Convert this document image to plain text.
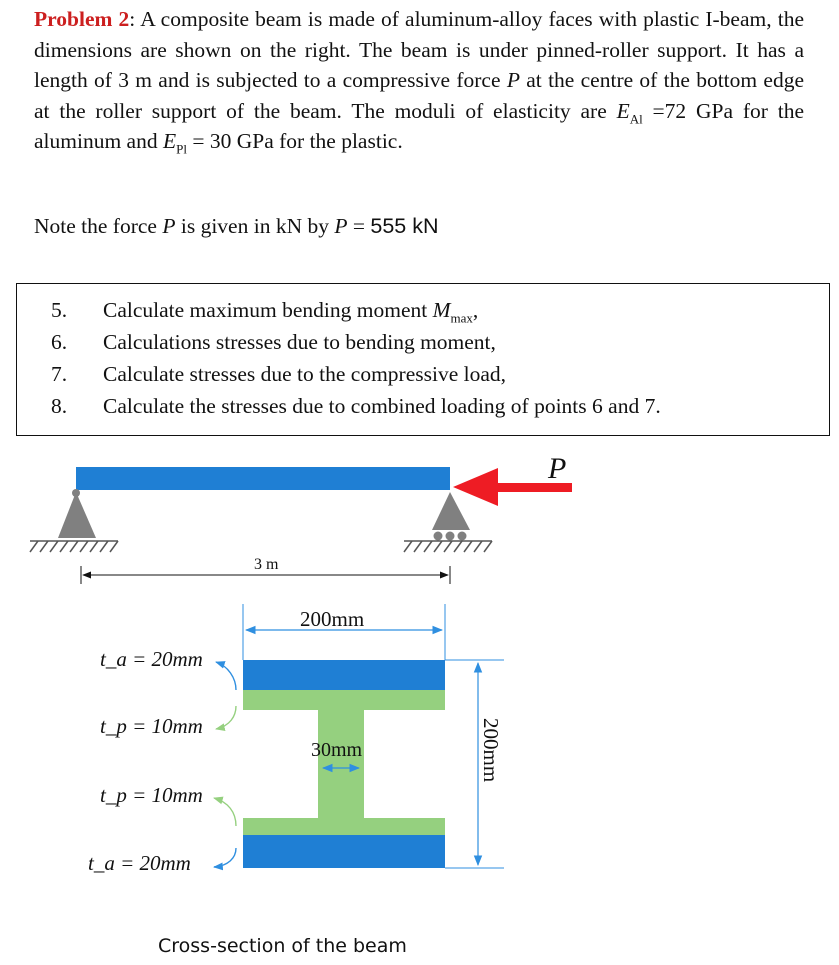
Problem 2: A composite beam is made of aluminum-alloy faces with plastic I-beam, the dimensions are shown on the right. The beam is under pinned-roller support. It has a length of 3 m and is subjected to a compressive force P at the centre of the bottom edge at the roller support of the beam. The moduli of elasticity are $E_{Al} =72$ GPa for the aluminum and $E_{Pl} = 30$ GPa for the plastic.
Note the force P is given in kN by P = 555 kN
5. Calculate maximum bending moment $M_{max}$,
6. Calculations stresses due to bending moment,
7. Calculate stresses due to the compressive load,
8. Calculate the stresses due to combined loading of points 6 and 7.
P
3 m
200mm
200mm
30mm
t_a = 20mm
t_p = 10mm
t_p = 10mm
t_a = 20mm
Cross-section of the beam
